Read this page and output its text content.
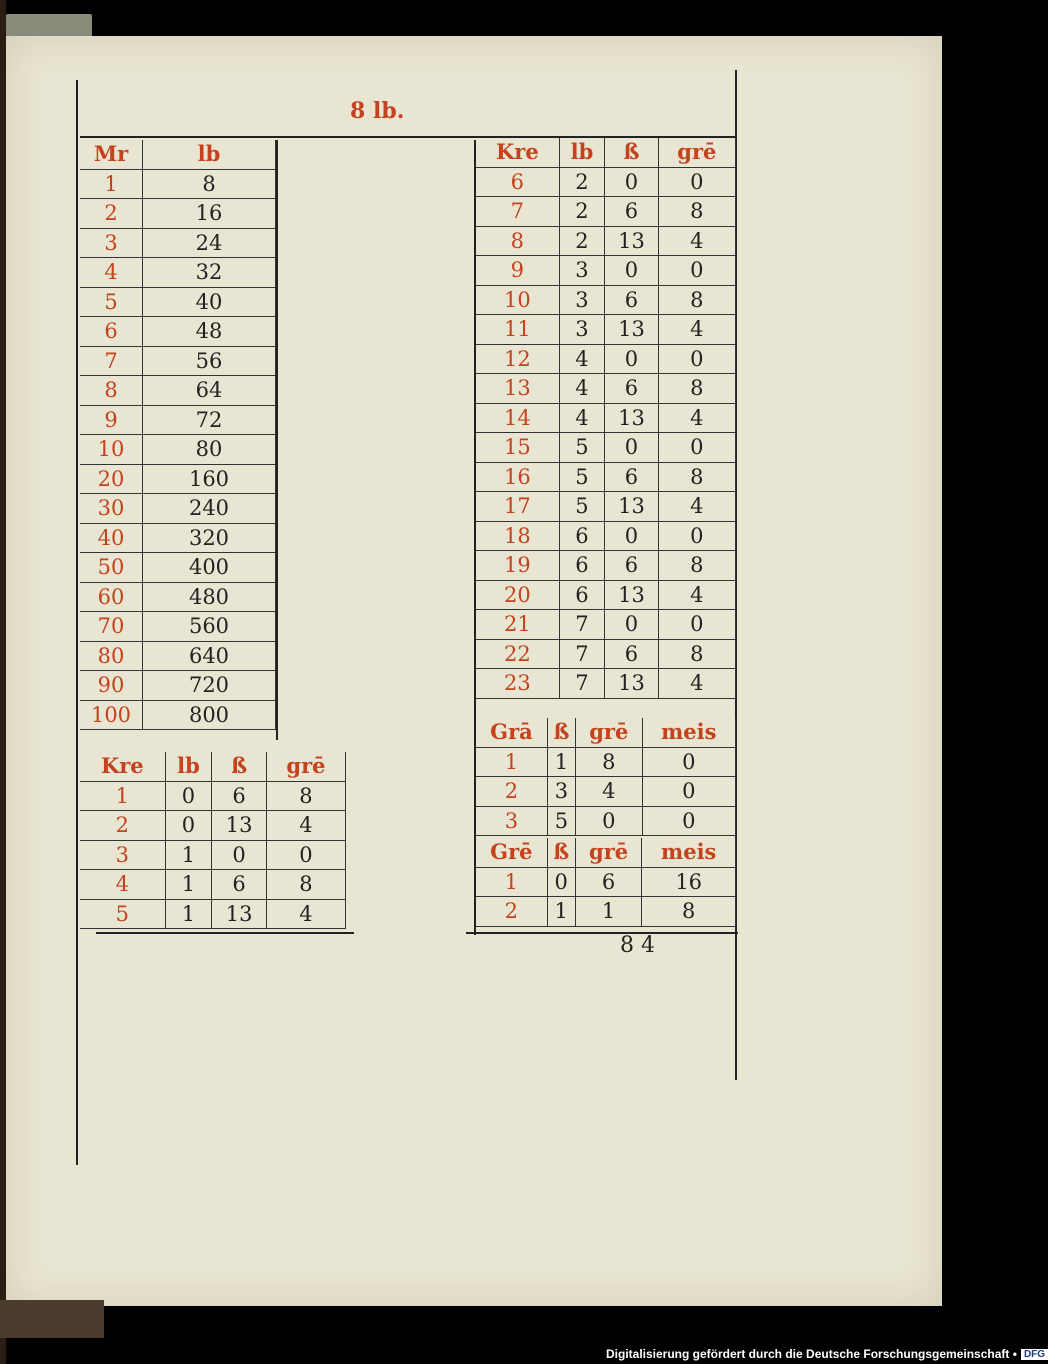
8 lb.
Mr	lb
1	8
2	16
3	24
4	32
5	40
6	48
7	56
8	64
9	72
10	80
20	160
30	240
40	320
50	400
60	480
70	560
80	640
90	720
100	800
Kre	lb	ß	grē
1	0	6	8
2	0	13	4
3	1	0	0
4	1	6	8
5	1	13	4
Kre	lb	ß	grē
6	2	0	0
7	2	6	8
8	2	13	4
9	3	0	0
10	3	6	8
11	3	13	4
12	4	0	0
13	4	6	8
14	4	13	4
15	5	0	0
16	5	6	8
17	5	13	4
18	6	0	0
19	6	6	8
20	6	13	4
21	7	0	0
22	7	6	8
23	7	13	4
Grā	ß	grē	meis
1	1	8	0
2	3	4	0
3	5	0	0
Grē	ß	grē	meis
1	0	6	16
2	1	1	8
8 4
Digitalisierung gefördert durch die Deutsche Forschungsgemeinschaft • DFG
